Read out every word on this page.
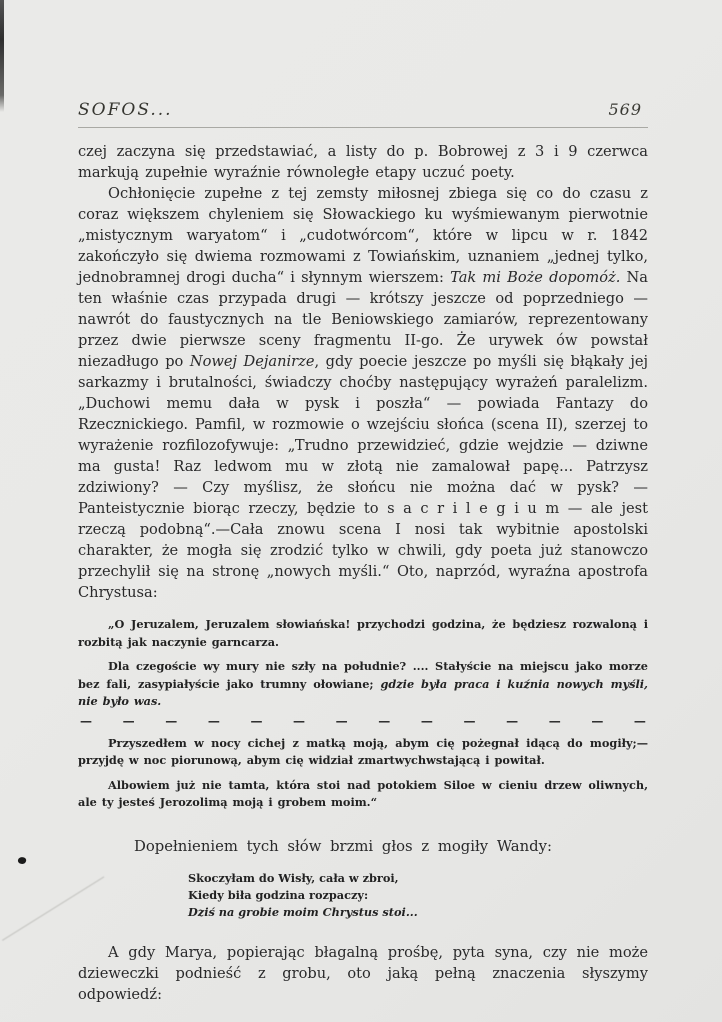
SOFOS...	569

czej zaczyna się przedstawiać, a listy do p. Bobrowej z 3 i 9 czerwca markują zupełnie wyraźnie równoległe etapy uczuć poety.

Ochłonięcie zupełne z tej zemsty miłosnej zbiega się co do czasu z coraz większem chyleniem się Słowackiego ku wyśmiewanym pierwotnie „mistycznym waryatom“ i „cudotwórcom“, które w lipcu w r. 1842 zakończyło się dwiema rozmowami z Towiańskim, uznaniem „jednej tylko, jednobramnej drogi ducha“ i słynnym wierszem: Tak mi Boże dopomóż. Na ten właśnie czas przypada drugi — krótszy jeszcze od poprzedniego — nawrót do faustycznych na tle Beniowskiego zamiarów, reprezentowany przez dwie pierwsze sceny fragmentu II-go. Że urywek ów powstał niezadługo po Nowej Dejanirze, gdy poecie jeszcze po myśli się błąkały jej sarkazmy i brutalności, świadczy choćby następujący wyrażeń paralelizm. „Duchowi memu dała w pysk i poszła“ — powiada Fantazy do Rzecznickiego. Pamfil, w rozmowie o wzejściu słońca (scena II), szerzej to wyrażenie rozfilozofywuje: „Trudno przewidzieć, gdzie wejdzie — dziwne ma gusta! Raz ledwom mu w złotą nie zamalował papę... Patrzysz zdziwiony? — Czy myślisz, że słońcu nie można dać w pysk? — Panteistycznie biorąc rzeczy, będzie to s a c r i l e g i u m — ale jest rzeczą podobną“.—Cała znowu scena I nosi tak wybitnie apostolski charakter, że mogła się zrodzić tylko w chwili, gdy poeta już stanowczo przechylił się na stronę „nowych myśli.“ Oto, naprzód, wyraźna apostrofa Chrystusa:

„O Jeruzalem, Jeruzalem słowiańska! przychodzi godzina, że będziesz rozwaloną i rozbitą jak naczynie garncarza.

Dla czegoście wy mury nie szły na południe? .... Stałyście na miejscu jako morze bez fali, zasypiałyście jako trumny ołowiane; gdzie była praca i kuźnia nowych myśli, nie było was.

—	—	—	—	—	—	—	—	—	—	—	—	—	—

Przyszedłem w nocy cichej z matką moją, abym cię pożegnał idącą do mogiły;— przyjdę w noc piorunową, abym cię widział zmartwychwstającą i powitał.

Albowiem już nie tamta, która stoi nad potokiem Siloe w cieniu drzew oliwnych, ale ty jesteś Jerozolimą moją i grobem moim.“

Dopełnieniem tych słów brzmi głos z mogiły Wandy:

Skoczyłam do Wisły, cała w zbroi,
Kiedy biła godzina rozpaczy:
Dziś na grobie moim Chrystus stoi...

A gdy Marya, popierając błagalną prośbę, pyta syna, czy nie może dzieweczki podnieść z grobu, oto jaką pełną znaczenia słyszymy odpowiedź:
